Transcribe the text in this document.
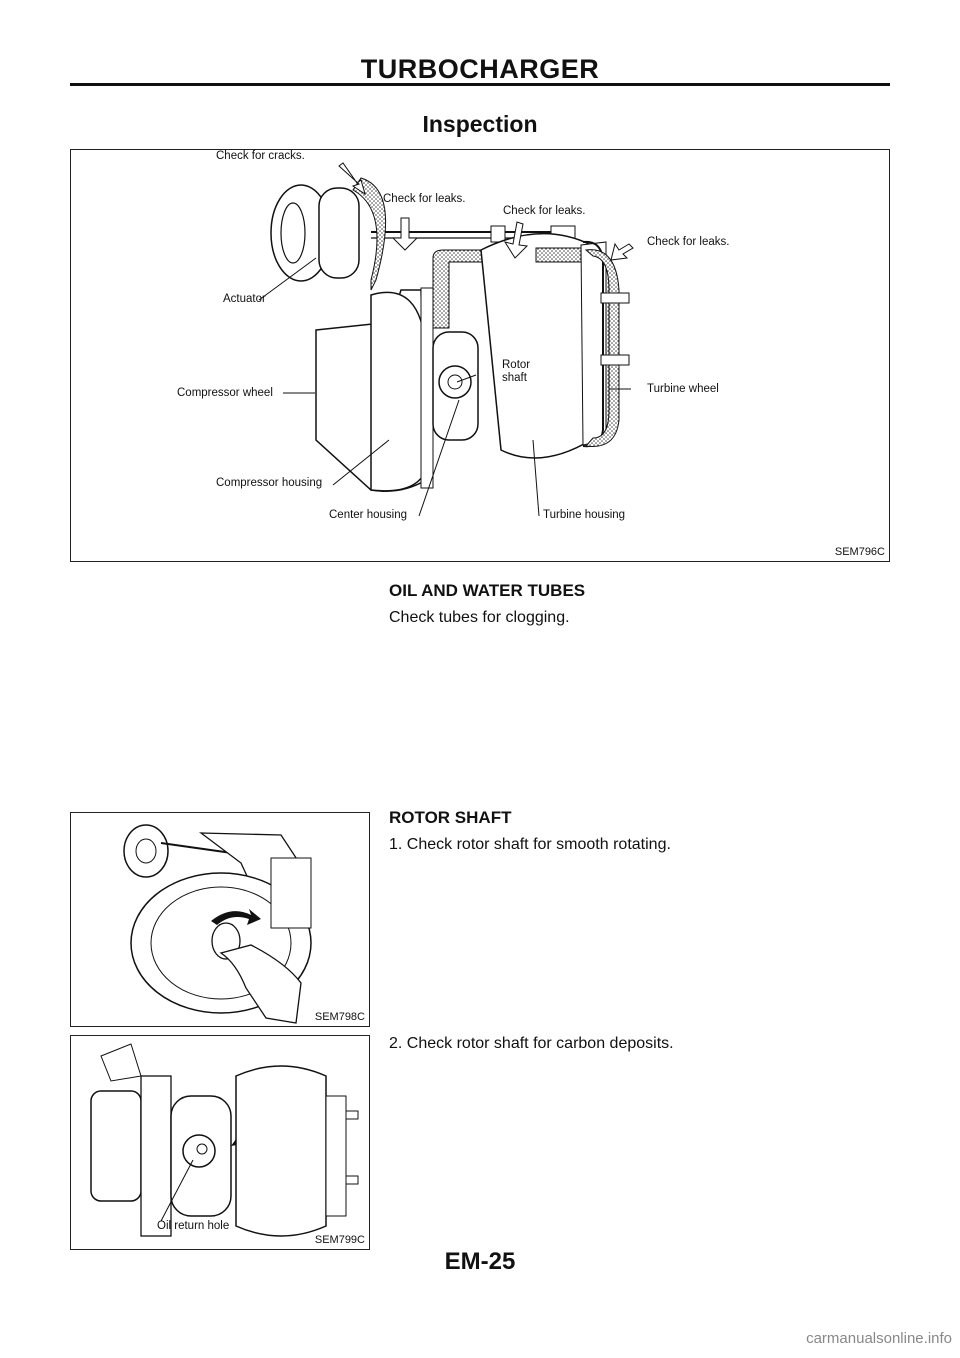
TURBOCHARGER
Inspection
Check for cracks.
Check for leaks.
Check for leaks.
Check for leaks.
Actuator
Rotor
shaft
Compressor wheel	Turbine wheel
Compressor housing
Center housing	Turbine housing
SEM796C
OIL AND WATER TUBES
Check tubes for clogging.
ROTOR SHAFT
1. Check rotor shaft for smooth rotating.
2. Check rotor shaft for carbon deposits.
SEM798C
Oil return hole
SEM799C
EM-25
carmanualsonline.info
